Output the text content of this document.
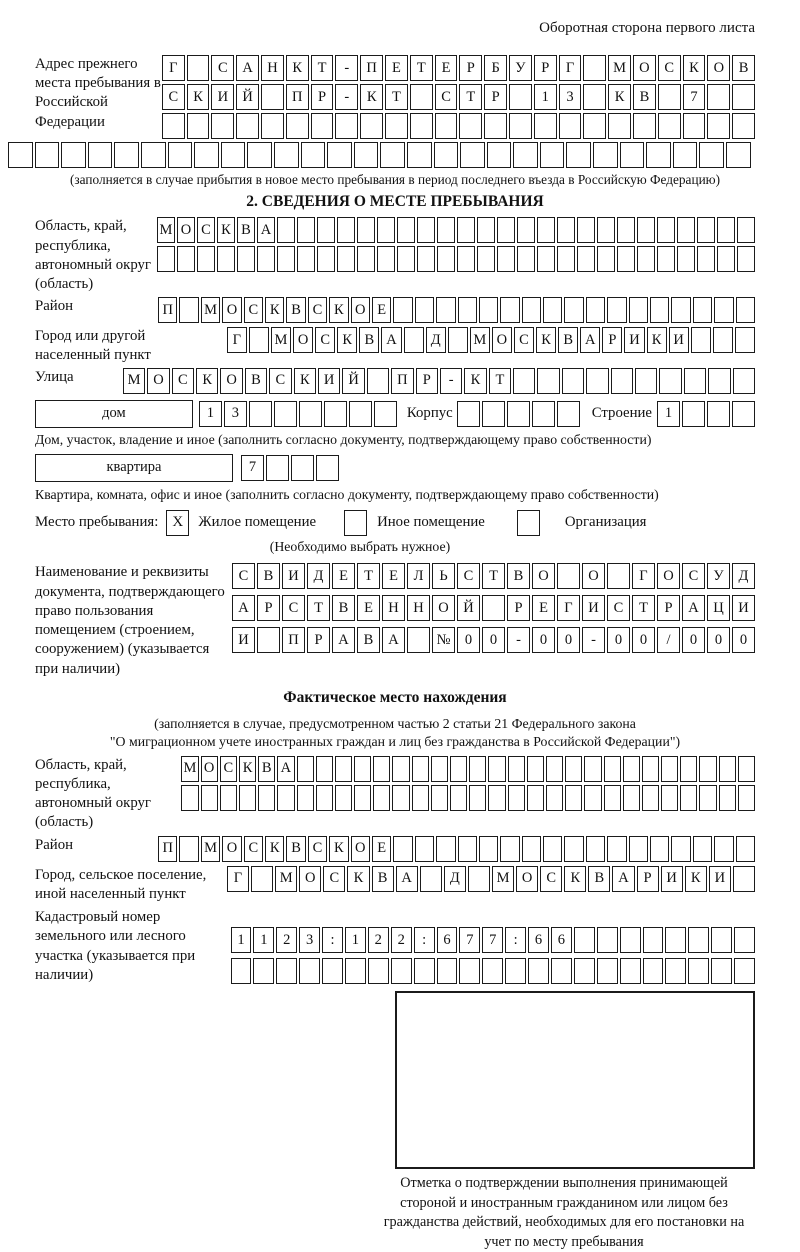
Оборотная сторона первого листа
Адрес прежнего места пребывания в Российской Федерации
Г	С	А Н	К	Т	-	П	Е	Т	Е	Р	Б	У	Р	Г	М О	С	К	О	В
С	К	И Й	П	Р	-	К	Т	С	Т	Р	1	3	К	В	7
(заполняется в случае прибытия в новое место пребывания в период последнего въезда в Российскую Федерацию)
2. СВЕДЕНИЯ О МЕСТЕ ПРЕБЫВАНИЯ
Область, край, республика, автономный округ (область)
М О С К В А
Район	П	М О С К В С К О Е
Город или другой населенный пункт
Г	М О С К В А	Д	М О С К В А Р И К И
Улица	М О С	К О В	С	К И Й	П	Р	-	К	Т
дом	1	3	Корпус	Строение 1
Дом, участок, владение и иное (заполнить согласно документу, подтверждающему право собственности)
квартира	7
Квартира, комната, офис и иное (заполнить согласно документу, подтверждающему право собственности)
Место пребывания: X	Жилое помещение	Иное помещение	Организация
(Необходимо выбрать нужное)
Наименование и реквизиты документа, подтверждающего право пользования помещением (строением, сооружением) (указывается при наличии)
С	В	И	Д	Е	Т	Е	Л	Ь	С	Т	В	О	О	Г	О	С	У	Д
А	Р	С	Т	В	Е	Н	Н	О	Й	Р	Е	Г	И	С	Т	Р	А	Ц	И
И	П	Р	А	В	А	№ 0	0	-	0	0	-	0	0	/	0	0	0
Фактическое место нахождения
(заполняется в случае, предусмотренном частью 2 статьи 21 Федерального закона
"О миграционном учете иностранных граждан и лиц без гражданства в Российской Федерации")
Область, край, республика, автономный округ (область)
М О С К В А
Район	П	М О С К В С К О Е
Город, сельское поселение, иной населенный пункт
Г	М О С К В А	Д	М О С К В А	Р	И К И
Кадастровый номер земельного или лесного участка (указывается при наличии)
1	1	2	3	:	1	2	2	:	6	7	7	:	6	6
Отметка о подтверждении выполнения принимающей стороной и иностранным гражданином или лицом без гражданства действий, необходимых для его постановки на учет по месту пребывания
